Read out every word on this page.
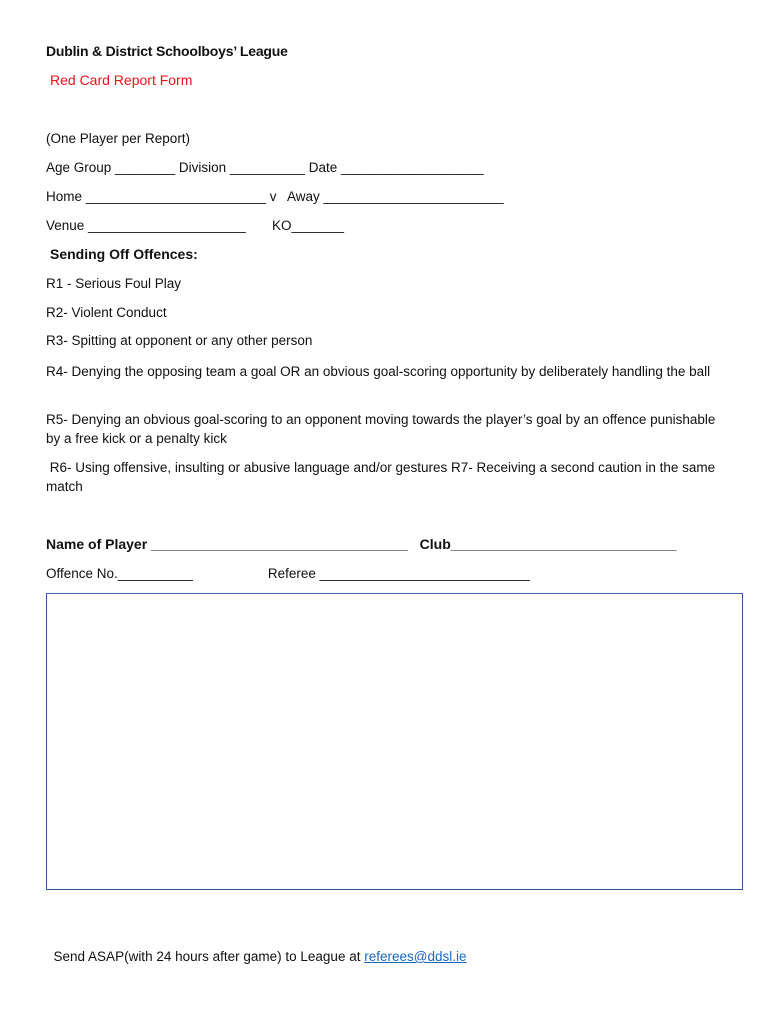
Dublin & District Schoolboys’ League
Red Card Report Form
(One Player per Report)
Age Group ________ Division __________ Date ___________________
Home ________________________ v   Away ________________________
Venue _____________________       KO_______
Sending Off Offences:
R1 - Serious Foul Play
R2- Violent Conduct
R3- Spitting at opponent or any other person
R4- Denying the opposing team a goal OR an obvious goal-scoring opportunity by deliberately handling the ball
R5- Denying an obvious goal-scoring to an opponent moving towards the player’s goal by an offence punishable by a free kick or a penalty kick
R6- Using offensive, insulting or abusive language and/or gestures R7- Receiving a second caution in the same match
Name of Player _________________________________   Club_____________________________
Offence No.__________                    Referee ____________________________

Send ASAP(with 24 hours after game) to League at referees@ddsl.ie
